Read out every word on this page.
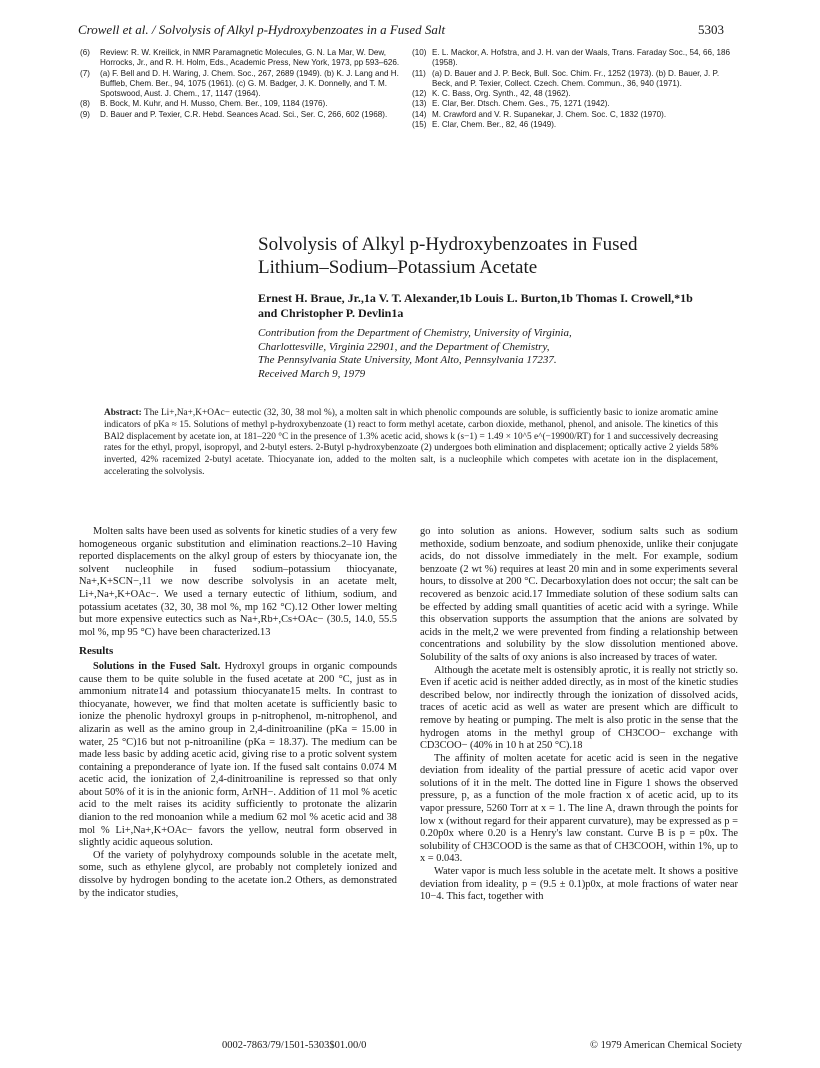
Crowell et al. / Solvolysis of Alkyl p-Hydroxybenzoates in a Fused Salt	5303
(6)	Review: R. W. Kreilick, in NMR Paramagnetic Molecules, G. N. La Mar, W. Dew, Horrocks, Jr., and R. H. Holm, Eds., Academic Press, New York, 1973, pp 593–626.
(7)	(a) F. Bell and D. H. Waring, J. Chem. Soc., 267, 2689 (1949). (b) K. J. Lang and H. Buffleb, Chem. Ber., 94, 1075 (1961). (c) G. M. Badger, J. K. Donnelly, and T. M. Spotswood, Aust. J. Chem., 17, 1147 (1964).
(8)	B. Bock, M. Kuhr, and H. Musso, Chem. Ber., 109, 1184 (1976).
(9)	D. Bauer and P. Texier, C.R. Hebd. Seances Acad. Sci., Ser. C, 266, 602 (1968).
(10) E. L. Mackor, A. Hofstra, and J. H. van der Waals, Trans. Faraday Soc., 54, 66, 186 (1958).
(11) (a) D. Bauer and J. P. Beck, Bull. Soc. Chim. Fr., 1252 (1973). (b) D. Bauer, J. P. Beck, and P. Texier, Collect. Czech. Chem. Commun., 36, 940 (1971).
(12) K. C. Bass, Org. Synth., 42, 48 (1962).
(13) E. Clar, Ber. Dtsch. Chem. Ges., 75, 1271 (1942).
(14) M. Crawford and V. R. Supanekar, J. Chem. Soc. C, 1832 (1970).
(15) E. Clar, Chem. Ber., 82, 46 (1949).
Solvolysis of Alkyl p-Hydroxybenzoates in Fused
Lithium–Sodium–Potassium Acetate
Ernest H. Braue, Jr.,1a V. T. Alexander,1b Louis L. Burton,1b Thomas I. Crowell,*1b
and Christopher P. Devlin1a
Contribution from the Department of Chemistry, University of Virginia,
Charlottesville, Virginia 22901, and the Department of Chemistry,
The Pennsylvania State University, Mont Alto, Pennsylvania 17237.
Received March 9, 1979
Abstract: The Li+,Na+,K+OAc− eutectic (32, 30, 38 mol %), a molten salt in which phenolic compounds are soluble, is sufficiently basic to ionize aromatic amine indicators of pKa ≈ 15. Solutions of methyl p-hydroxybenzoate (1) react to form methyl acetate, carbon dioxide, methanol, phenol, and anisole. The kinetics of this BAl2 displacement by acetate ion, at 181–220 °C in the presence of 1.3% acetic acid, shows k (s−1) = 1.49 × 10^5 e^(−19900/RT) for 1 and successively decreasing rates for the ethyl, propyl, isopropyl, and 2-butyl esters. 2-Butyl p-hydroxybenzoate (2) undergoes both elimination and displacement; optically active 2 yields 58% inverted, 42% racemized 2-butyl acetate. Thiocyanate ion, added to the molten salt, is a nucleophile which competes with acetate ion in the displacement, accelerating the solvolysis.

Molten salts have been used as solvents for kinetic studies of a very few homogeneous organic substitution and elimination reactions.2–10 Having reported displacements on the alkyl group of esters by thiocyanate ion, the solvent nucleophile in fused sodium–potassium thiocyanate, Na+,K+SCN−,11 we now describe solvolysis in an acetate melt, Li+,Na+,K+OAc−. We used a ternary eutectic of lithium, sodium, and potassium acetates (32, 30, 38 mol %, mp 162 °C).12 Other lower melting but more expensive eutectics such as Na+,Rb+,Cs+OAc− (30.5, 14.0, 55.5 mol %, mp 95 °C) have been characterized.13

Results

Solutions in the Fused Salt. Hydroxyl groups in organic compounds cause them to be quite soluble in the fused acetate at 200 °C, just as in ammonium nitrate14 and potassium thiocyanate15 melts. In contrast to thiocyanate, however, we find that molten acetate is sufficiently basic to ionize the phenolic hydroxyl groups in p-nitrophenol, m-nitrophenol, and alizarin as well as the amino group in 2,4-dinitroaniline (pKa = 15.00 in water, 25 °C)16 but not p-nitroaniline (pKa = 18.37). The medium can be made less basic by adding acetic acid, giving rise to a protic solvent system containing a preponderance of lyate ion. If the fused salt contains 0.074 M acetic acid, the ionization of 2,4-dinitroaniline is repressed so that only about 50% of it is in the anionic form, ArNH−. Addition of 11 mol % acetic acid to the melt raises its acidity sufficiently to protonate the alizarin dianion to the red monoanion while a medium 62 mol % acetic acid and 38 mol % Li+,Na+,K+OAc− favors the yellow, neutral form observed in slightly acidic aqueous solution.

Of the variety of polyhydroxy compounds soluble in the acetate melt, some, such as ethylene glycol, are probably not completely ionized and dissolve by hydrogen bonding to the acetate ion.2 Others, as demonstrated by the indicator studies,

go into solution as anions. However, sodium salts such as sodium methoxide, sodium benzoate, and sodium phenoxide, unlike their conjugate acids, do not dissolve immediately in the melt. For example, sodium benzoate (2 wt %) requires at least 20 min and in some experiments several hours, to dissolve at 200 °C. Decarboxylation does not occur; the salt can be recovered as benzoic acid.17 Immediate solution of these sodium salts can be effected by adding small quantities of acetic acid with a syringe. While this observation supports the assumption that the anions are solvated by acids in the melt,2 we were prevented from finding a relationship between concentrations and solubility by the slow dissolution mentioned above. Solubility of the salts of oxy anions is also increased by traces of water.

Although the acetate melt is ostensibly aprotic, it is really not strictly so. Even if acetic acid is neither added directly, as in most of the kinetic studies described below, nor indirectly through the ionization of dissolved acids, traces of acetic acid as well as water are present which are difficult to remove by heating or pumping. The melt is also protic in the sense that the hydrogen atoms in the methyl group of CH3COO− exchange with CD3COO− (40% in 10 h at 250 °C).18

The affinity of molten acetate for acetic acid is seen in the negative deviation from ideality of the partial pressure of acetic acid vapor over solutions of it in the melt. The dotted line in Figure 1 shows the observed pressure, p, as a function of the mole fraction x of acetic acid, up to its vapor pressure, 5260 Torr at x = 1. The line A, drawn through the points for low x (without regard for their apparent curvature), may be expressed as p = 0.20p0x where 0.20 is a Henry's law constant. Curve B is p = p0x. The solubility of CH3COOD is the same as that of CH3COOH, within 1%, up to x = 0.043.

Water vapor is much less soluble in the acetate melt. It shows a positive deviation from ideality, p = (9.5 ± 0.1)p0x, at mole fractions of water near 10−4. This fact, together with

0002-7863/79/1501-5303$01.00/0	© 1979 American Chemical Society
